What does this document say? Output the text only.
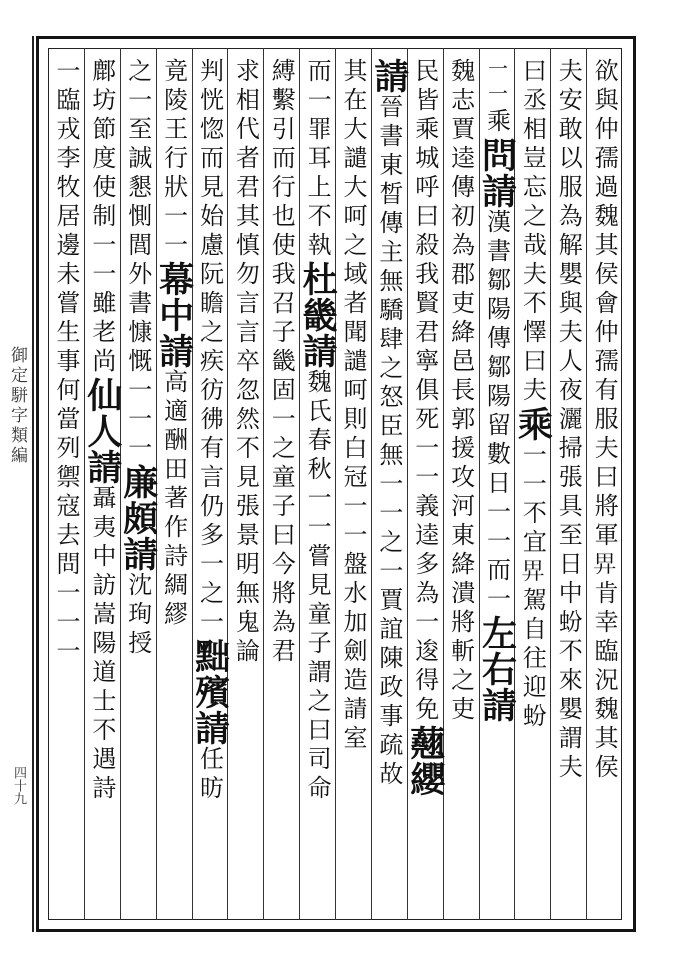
御定駢字類編
四十九
欲與仲孺過魏其侯會仲孺有服夫曰將軍𢌿肯幸臨況魏其侯
夫安敢以服為解嬰與夫人夜灑掃張具至日中蚡不來嬰謂夫
曰丞相豈忘之哉夫不懌曰夫乘一一不宜𢌿駕自往迎蚡
一一乘問請漢書鄒陽傳鄒陽留數日一一而一左右請
魏志賈逵傳初為郡吏絳邑長郭援攻河東絳潰將斬之吏
民皆乘城呼曰殺我賢君寧俱死一一義逵多為一逡得免𧄍纓
請晉書東晳傳主無驕肆之怒臣無一一之一賈誼陳政事疏故
其在大譴大呵之域者聞譴呵則白冠一一盤水加劍造請室
而一罪耳上不執杜畿請魏氏春秋一一嘗見童子謂之曰司命
縛繫引而行也使我召子畿固一之童子曰今將為君
求相代者君其慎勿言言卒忽然不見張景明無鬼論
判恍惚而見始慮阮瞻之疾彷彿有言仍多一之一黜殯請任昉
竟陵王行狀一一幕中請高適酬田著作詩綢繆
之一至誠懇惻閭外書慷慨一一一廉頗請沈珣授
鄜坊節度使制一一雖老尚仙人請聶夷中訪嵩陽道士不遇詩
一臨戎李牧居邊未嘗生事何當列禦寇去問一一一
